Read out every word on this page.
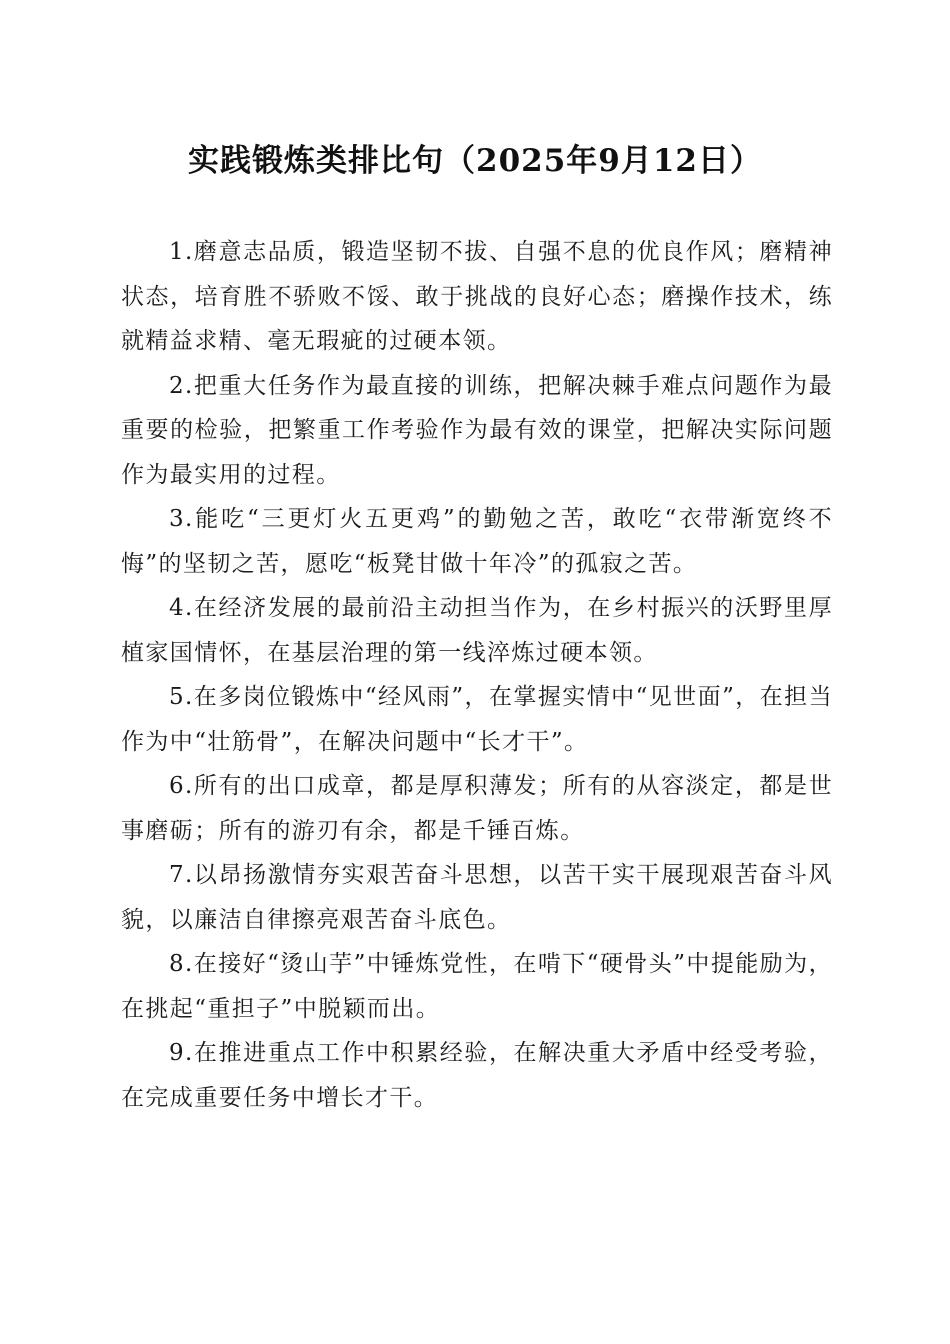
实践锻炼类排比句（2025年9月12日）

1.磨意志品质，锻造坚韧不拔、自强不息的优良作风；磨精神状态，培育胜不骄败不馁、敢于挑战的良好心态；磨操作技术，练就精益求精、毫无瑕疵的过硬本领。

2.把重大任务作为最直接的训练，把解决棘手难点问题作为最重要的检验，把繁重工作考验作为最有效的课堂，把解决实际问题作为最实用的过程。

3.能吃“三更灯火五更鸡”的勤勉之苦，敢吃“衣带渐宽终不悔”的坚韧之苦，愿吃“板凳甘做十年冷”的孤寂之苦。

4.在经济发展的最前沿主动担当作为，在乡村振兴的沃野里厚植家国情怀，在基层治理的第一线淬炼过硬本领。

5.在多岗位锻炼中“经风雨”，在掌握实情中“见世面”，在担当作为中“壮筋骨”，在解决问题中“长才干”。

6.所有的出口成章，都是厚积薄发；所有的从容淡定，都是世事磨砺；所有的游刃有余，都是千锤百炼。

7.以昂扬激情夯实艰苦奋斗思想，以苦干实干展现艰苦奋斗风貌，以廉洁自律擦亮艰苦奋斗底色。

8.在接好“烫山芋”中锤炼党性，在啃下“硬骨头”中提能励为，在挑起“重担子”中脱颖而出。

9.在推进重点工作中积累经验，在解决重大矛盾中经受考验，在完成重要任务中增长才干。
